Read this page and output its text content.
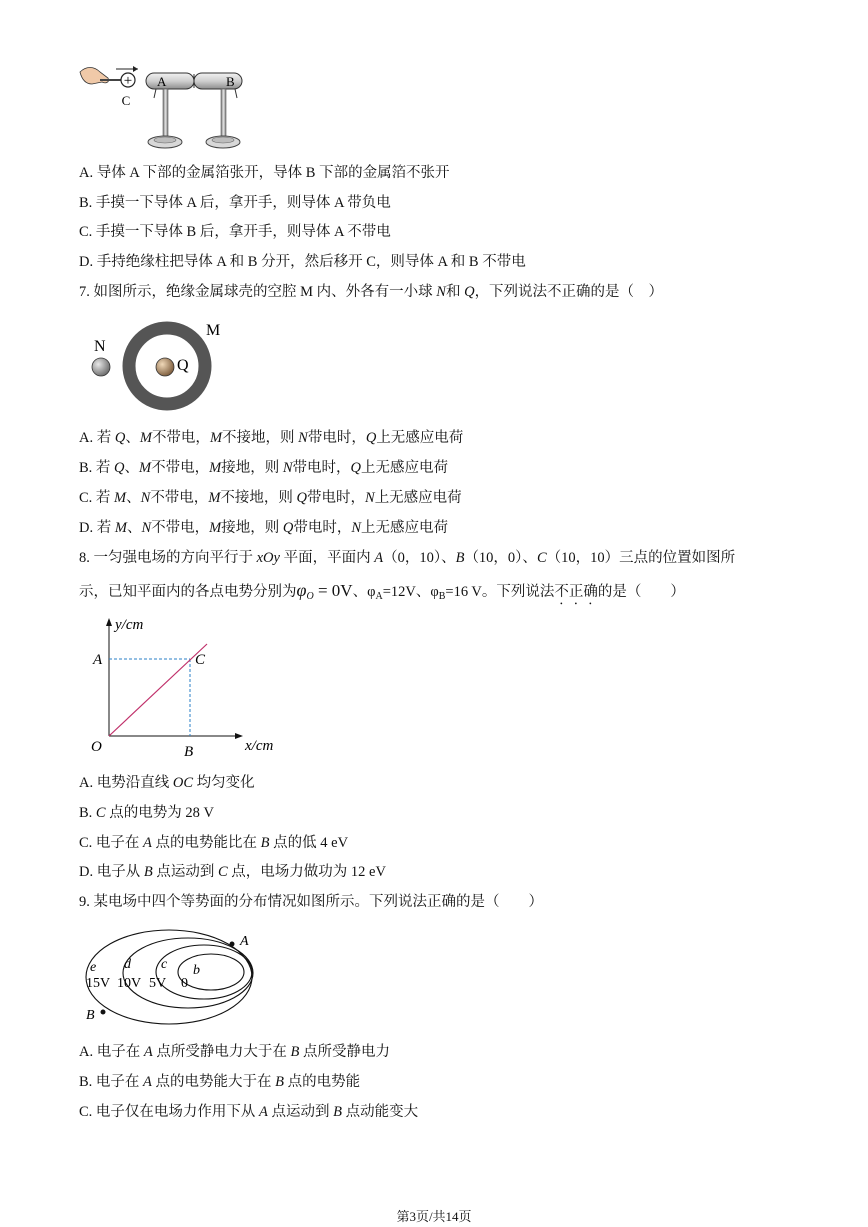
+
C
A	B
A. 导体 A 下部的金属箔张开，导体 B 下部的金属箔不张开
B. 手摸一下导体 A 后，拿开手，则导体 A 带负电
C. 手摸一下导体 B 后，拿开手，则导体 A 不带电
D. 手持绝缘柱把导体 A 和 B 分开，然后移开 C，则导体 A 和 B 不带电
7. 如图所示，绝缘金属球壳的空腔 M 内、外各有一小球 N和 Q，下列说法不正确的是（　）
N
Q
M
A. 若 Q、M不带电，M不接地，则 N带电时，Q上无感应电荷
B. 若 Q、M不带电，M接地，则 N带电时，Q上无感应电荷
C. 若 M、N不带电，M不接地，则 Q带电时，N上无感应电荷
D. 若 M、N不带电，M接地，则 Q带电时，N上无感应电荷
8. 一匀强电场的方向平行于 xOy 平面，平面内 A（0，10）、B（10，0）、C（10，10）三点的位置如图所
示，已知平面内的各点电势分别为$\varphi_O = 0V$、$\varphi_A=12V$、$\varphi_B=16$ V。下列说法不正确的是（　　）
y/cm
x/cm
A	C
O	B
A. 电势沿直线 OC 均匀变化
B. C 点的电势为 28 V
C. 电子在 A 点的电势能比在 B 点的低 4 eV
D. 电子从 B 点运动到 C 点，电场力做功为 12 eV
9. 某电场中四个等势面的分布情况如图所示。下列说法正确的是（　　）
A
B
e d c b
15V 10V 5V 0
A. 电子在 A 点所受静电力大于在 B 点所受静电力
B. 电子在 A 点的电势能大于在 B 点的电势能
C. 电子仅在电场力作用下从 A 点运动到 B 点动能变大
第3页/共14页
